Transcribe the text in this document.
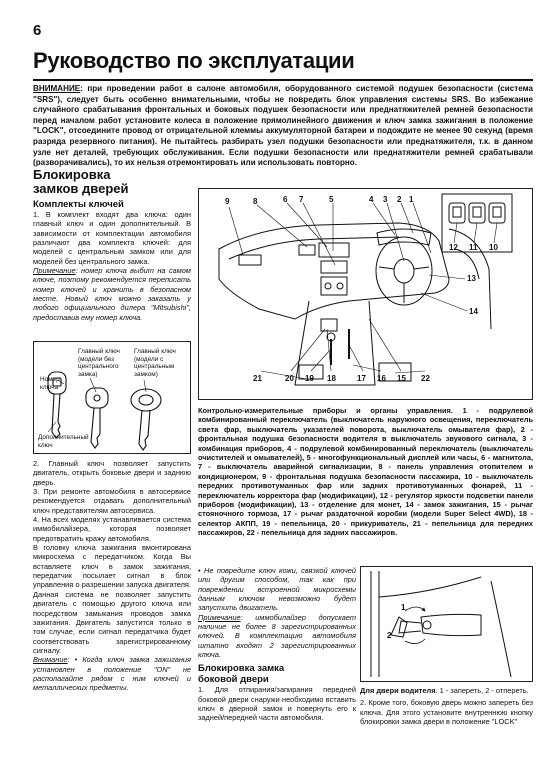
6
Руководство по эксплуатации
ВНИМАНИЕ: при проведении работ в салоне автомобиля, оборудованного системой подушек безопасности (система "SRS"), следует быть особенно внимательными, чтобы не повредить блок управления системы SRS. Во избежание случайного срабатывания фронтальных и боковых подушек безопасности или преднатяжителей ремней безопасности перед началом работ установите колеса в положение прямолинейного движения и ключ замка зажигания в положение "LOCK", отсоедините провод от отрицательной клеммы аккумуляторной батареи и подождите не менее 90 секунд (время разряда резервного питания). Не пытайтесь разбирать узел подушки безопасности или преднатяжителя, т.к. в данном узле нет деталей, требующих обслуживания. Если подушки безопасности или преднатяжители ремней срабатывали (разворачивались), то их нельзя отремонтировать или использовать повторно.
Блокировка
замков дверей
Комплекты ключей

1. В комплект входят два ключа: один главный ключ и один дополнительный. В зависимости от комплектации автомобиля различают два комплекта ключей: для моделей с центральным замком или для моделей без центрального замка.

Примечание: номер ключа выбит на самом ключе, поэтому рекомендуется переписать номер ключей и хранить в безопасном месте. Новый ключ можно заказать у любого официального дилера "Mitsubishi", предоставив ему номер ключа.

Номер ключа
Главный ключ (модели без центрального замка)
Главный ключ (модели с центральным замком)
Дополнительный ключ

2. Главный ключ позволяет запустить двигатель, открыть боковые двери и заднюю дверь.

3. При ремонте автомобиля в автосервисе рекомендуется отдавать дополнительный ключ представителям автосервиса.

4. На всех моделях устанавливается система иммобилайзера, которая позволяет предотвратить кражу автомобиля.

В головку ключа зажигания вмонтирована микросхема с передатчиком. Когда Вы вставляете ключ в замок зажигания, передатчик посылает сигнал в блок управления о разрешении запуска двигателя. Данная система не позволяет запустить двигатель с помощью другого ключа или посредством замыкания проводов замка зажигания. Двигатель запустится только в том случае, если сигнал передатчика будет соответствовать зарегистрированному сигналу.

Внимание: • Когда ключ замка зажигания установлен в положение "ON" не располагайте рядом с ним ключей и металлических предметы.

9	8	6 7	5	4 3 2 1
12 11 10
13
14
21	20 19 18	17 16 15 22
Контрольно-измерительные приборы и органы управления. 1 - подрулевой комбинированный переключатель (выключатель наружного освещения, переключатель света фар, выключатель указателей поворота, выключатель омывателя фар), 2 - фронтальная подушка безопасности водителя в выключатель звукового сигнала, 3 - комбинация приборов, 4 - подрулевой комбинированный переключатель (выключатель очистителей и омывателей), 5 - многофункциональный дисплей или часы, 6 - магнитола, 7 - выключатель аварийной сигнализации, 8 - панель управления отопителем и кондиционером, 9 - фронтальная подушка безопасности пассажира, 10 - выключатель передних противотуманных фар или задних противотуманных фонарей, 11 - переключатель корректора фар (модификации), 12 - регулятор яркости подсветки панели приборов (модификации), 13 - отделение для монет, 14 - замок зажигания, 15 - рычаг стояночного тормоза, 17 - рычаг раздаточной коробки (модели Super Select 4WD), 18 - селектор АКПП, 19 - пепельница, 20 - прикуриватель, 21 - пепельница для передних пассажиров, 22 - пепельница для задних пассажиров.

• Не повредите ключ кожи, связкой ключей или другим способом, так как при повреждении встроенной микросхемы данным ключом невозможно будет запустить двигатель.

Примечание: иммобилайзер допускает наличие не более 8 зарегистрированных ключей. В комплектацию автомобиля штатно входят 2 зарегистрированных ключа.

Блокировка замка
боковой двери

1. Для отпирания/запирания передней боковой двери снаружи необходимо вставить ключ в дверной замок и повернуть его к задней/передней части автомобиля.

1
2

Для двери водителя. 1 - запереть, 2 - отпереть.

2. Кроме того, боковую дверь можно запереть без ключа. Для этого установите внутреннюю кнопку блокировки замка двери в положение "LOCK"
